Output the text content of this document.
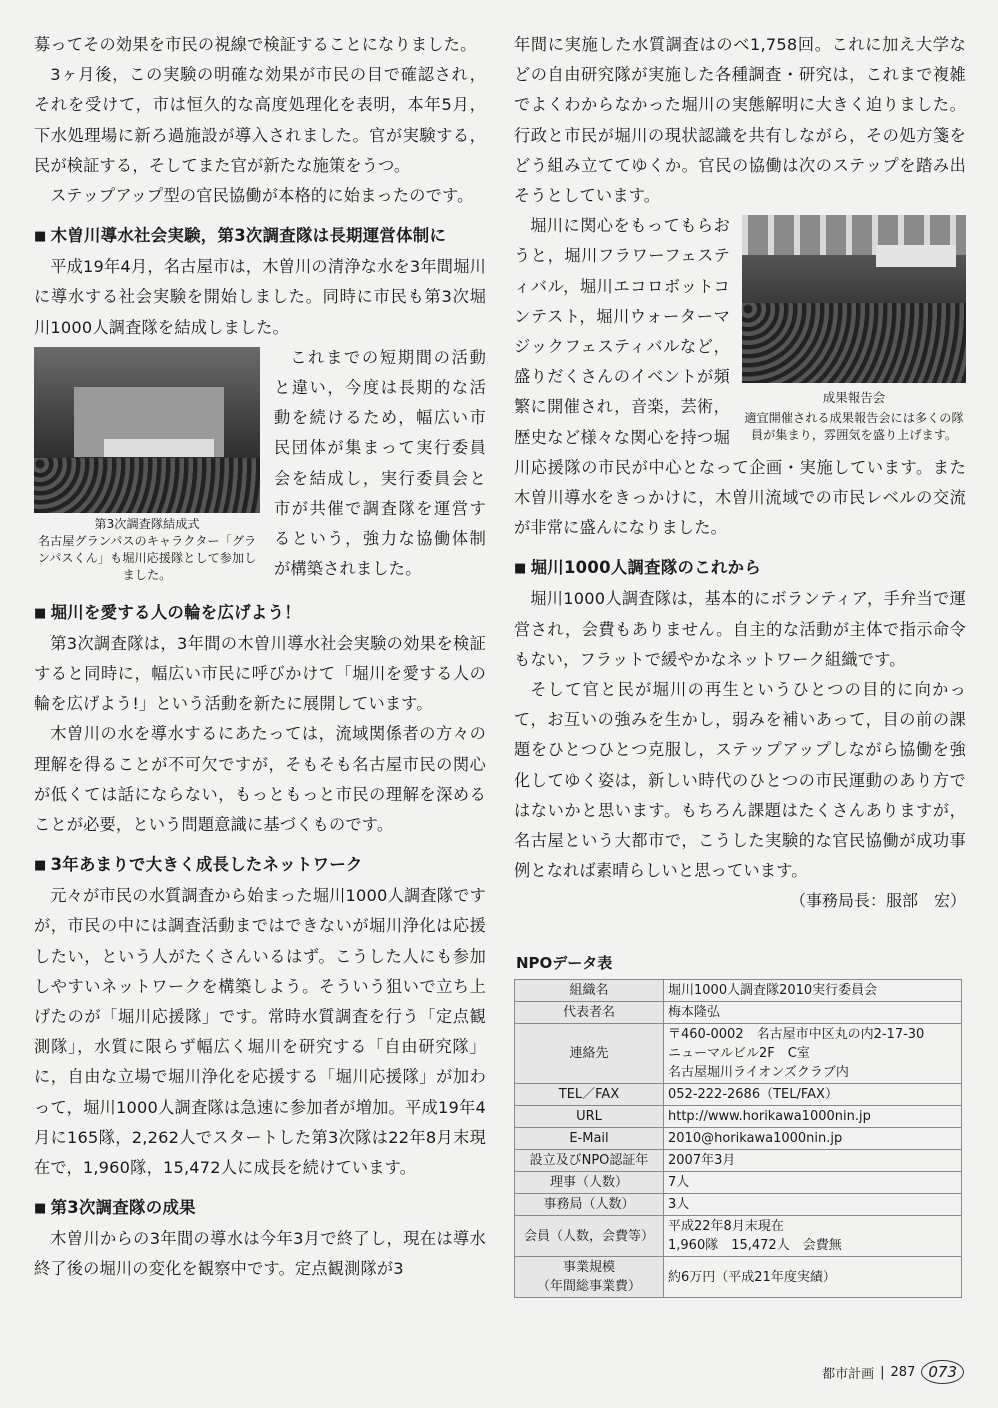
募ってその効果を市民の視線で検証することになりました。

3ヶ月後，この実験の明確な効果が市民の目で確認され，それを受けて，市は恒久的な高度処理化を表明，本年5月，下水処理場に新ろ過施設が導入されました。官が実験する，民が検証する，そしてまた官が新たな施策をうつ。

ステップアップ型の官民協働が本格的に始まったのです。

■ 木曽川導水社会実験，第3次調査隊は長期運営体制に

平成19年4月，名古屋市は，木曽川の清浄な水を3年間堀川に導水する社会実験を開始しました。同時に市民も第3次堀川1000人調査隊を結成しました。

第3次調査隊結成式
名古屋グランパスのキャラクター「グランパスくん」も堀川応援隊として参加しました。

これまでの短期間の活動と違い，今度は長期的な活動を続けるため，幅広い市民団体が集まって実行委員会を結成し，実行委員会と市が共催で調査隊を運営するという，強力な協働体制が構築されました。

■ 堀川を愛する人の輪を広げよう！

第3次調査隊は，3年間の木曽川導水社会実験の効果を検証すると同時に，幅広い市民に呼びかけて「堀川を愛する人の輪を広げよう!」という活動を新たに展開しています。

木曽川の水を導水するにあたっては，流域関係者の方々の理解を得ることが不可欠ですが，そもそも名古屋市民の関心が低くては話にならない，もっともっと市民の理解を深めることが必要，という問題意識に基づくものです。

■ 3年あまりで大きく成長したネットワーク

元々が市民の水質調査から始まった堀川1000人調査隊ですが，市民の中には調査活動まではできないが堀川浄化は応援したい，という人がたくさんいるはず。こうした人にも参加しやすいネットワークを構築しよう。そういう狙いで立ち上げたのが「堀川応援隊」です。常時水質調査を行う「定点観測隊」，水質に限らず幅広く堀川を研究する「自由研究隊」に，自由な立場で堀川浄化を応援する「堀川応援隊」が加わって，堀川1000人調査隊は急速に参加者が増加。平成19年4月に165隊，2,262人でスタートした第3次隊は22年8月末現在で，1,960隊，15,472人に成長を続けています。

■ 第3次調査隊の成果

木曽川からの3年間の導水は今年3月で終了し，現在は導水終了後の堀川の変化を観察中です。定点観測隊が3

年間に実施した水質調査はのべ1,758回。これに加え大学などの自由研究隊が実施した各種調査・研究は，これまで複雑でよくわからなかった堀川の実態解明に大きく迫りました。行政と市民が堀川の現状認識を共有しながら，その処方箋をどう組み立ててゆくか。官民の協働は次のステップを踏み出そうとしています。

成果報告会
適宜開催される成果報告会には多くの隊員が集まり，雰囲気を盛り上げます。

堀川に関心をもってもらおうと，堀川フラワーフェスティバル，堀川エコロボットコンテスト，堀川ウォーターマジックフェスティバルなど，盛りだくさんのイベントが頻繁に開催され，音楽，芸術，歴史など様々な関心を持つ堀川応援隊の市民が中心となって企画・実施しています。また木曽川導水をきっかけに，木曽川流域での市民レベルの交流が非常に盛んになりました。

■ 堀川1000人調査隊のこれから

堀川1000人調査隊は，基本的にボランティア，手弁当で運営され，会費もありません。自主的な活動が主体で指示命令もない，フラットで緩やかなネットワーク組織です。

そして官と民が堀川の再生というひとつの目的に向かって，お互いの強みを生かし，弱みを補いあって，目の前の課題をひとつひとつ克服し，ステップアップしながら協働を強化してゆく姿は，新しい時代のひとつの市民運動のあり方ではないかと思います。もちろん課題はたくさんありますが，名古屋という大都市で，こうした実験的な官民協働が成功事例となれば素晴らしいと思っています。

（事務局長：服部　宏）

NPOデータ表
組織名	堀川1000人調査隊2010実行委員会
代表者名	梅本隆弘
連絡先	〒460-0002　名古屋市中区丸の内2-17-30
ニューマルビル2F　C室
名古屋堀川ライオンズクラブ内
TEL／FAX	052-222-2686（TEL/FAX）
URL	http://www.horikawa1000nin.jp
E-Mail	2010@horikawa1000nin.jp
設立及びNPO認証年	2007年3月
理事（人数）	7人
事務局（人数）	3人
会員（人数，会費等）	平成22年8月末現在
1,960隊　15,472人　会費無
事業規模
（年間総事業費）	約6万円（平成21年度実績）
都市計画 | 287 073
